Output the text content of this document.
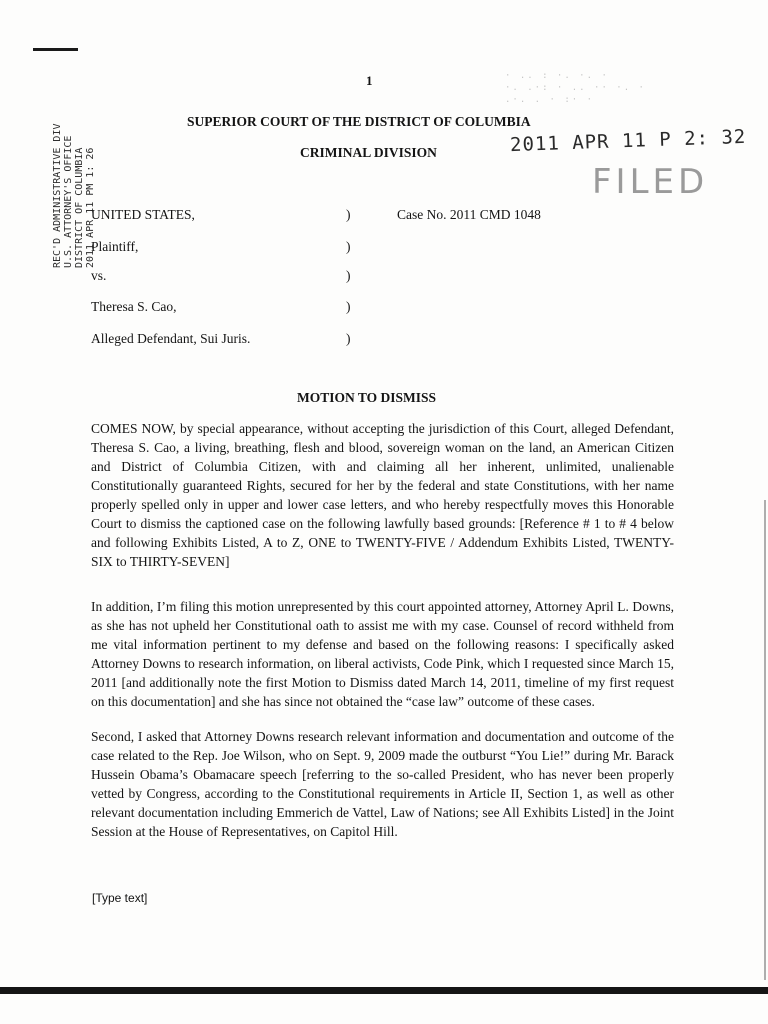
1	· .. : ·. ·. ·
·. .·: · .. ·· ·. ·
.·. . · :· ·
SUPERIOR COURT OF THE DISTRICT OF COLUMBIA
CRIMINAL DIVISION	2011 APR 11 P 2: 32
FILED
REC'D ADMINISTRATIVE DIV
U.S. ATTORNEY'S OFFICE
DISTRICT OF COLUMBIA
2011 APR 11 PM 1: 26
UNITED STATES,	)	Case No. 2011 CMD 1048
Plaintiff,	)
vs.	)
Theresa S. Cao,	)
Alleged Defendant, Sui Juris.	)
MOTION TO DISMISS
COMES NOW, by special appearance, without accepting the jurisdiction of this Court, alleged Defendant, Theresa S. Cao, a living, breathing, flesh and blood, sovereign woman on the land, an American Citizen and District of Columbia Citizen, with and claiming all her inherent, unlimited, unalienable Constitutionally guaranteed Rights, secured for her by the federal and state Constitutions, with her name properly spelled only in upper and lower case letters, and who hereby respectfully moves this Honorable Court to dismiss the captioned case on the following lawfully based grounds: [Reference # 1 to # 4 below and following Exhibits Listed, A to Z, ONE to TWENTY-FIVE / Addendum Exhibits Listed, TWENTY-SIX to THIRTY-SEVEN]
In addition, I’m filing this motion unrepresented by this court appointed attorney, Attorney April L. Downs, as she has not upheld her Constitutional oath to assist me with my case. Counsel of record withheld from me vital information pertinent to my defense and based on the following reasons: I specifically asked Attorney Downs to research information, on liberal activists, Code Pink, which I requested since March 15, 2011 [and additionally note the first Motion to Dismiss dated March 14, 2011, timeline of my first request on this documentation] and she has since not obtained the “case law” outcome of these cases.
Second, I asked that Attorney Downs research relevant information and documentation and outcome of the case related to the Rep. Joe Wilson, who on Sept. 9, 2009 made the outburst “You Lie!” during Mr. Barack Hussein Obama’s Obamacare speech [referring to the so-called President, who has never been properly vetted by Congress, according to the Constitutional requirements in Article II, Section 1, as well as other relevant documentation including Emmerich de Vattel, Law of Nations; see All Exhibits Listed] in the Joint Session at the House of Representatives, on Capitol Hill.
[Type text]
